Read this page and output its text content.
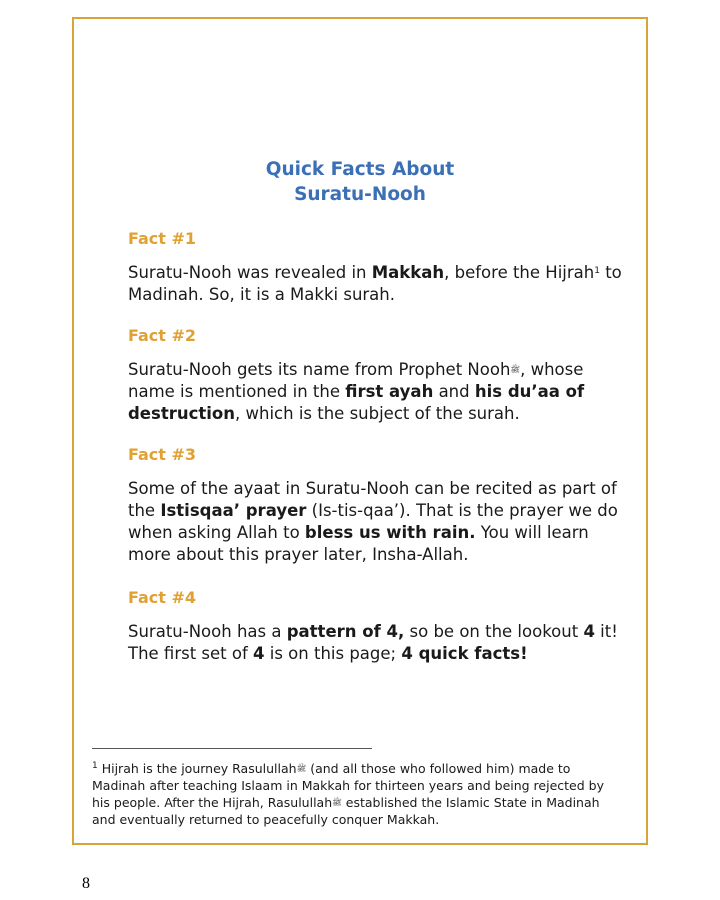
Quick Facts About
Suratu-Nooh
Fact #1

Suratu-Nooh was revealed in Makkah, before the Hijrah$^1$ to Madinah. So, it is a Makki surah.

Fact #2

Suratu-Nooh gets its name from Prophet Nooh$^ﷺ$, whose name is mentioned in the first ayah and his du’aa of destruction, which is the subject of the surah.

Fact #3

Some of the ayaat in Suratu-Nooh can be recited as part of the Istisqaa’ prayer (Is-tis-qaa’). That is the prayer we do when asking Allah to bless us with rain. You will learn more about this prayer later, Insha-Allah.

Fact #4

Suratu-Nooh has a pattern of 4, so be on the lookout 4 it! The first set of 4 is on this page; 4 quick facts!

$^1$ Hijrah is the journey Rasulullah$^ﷺ$ (and all those who followed him) made to Madinah after teaching Islaam in Makkah for thirteen years and being rejected by his people. After the Hijrah, Rasulullah$^ﷺ$ established the Islamic State in Madinah and eventually returned to peacefully conquer Makkah.

8
